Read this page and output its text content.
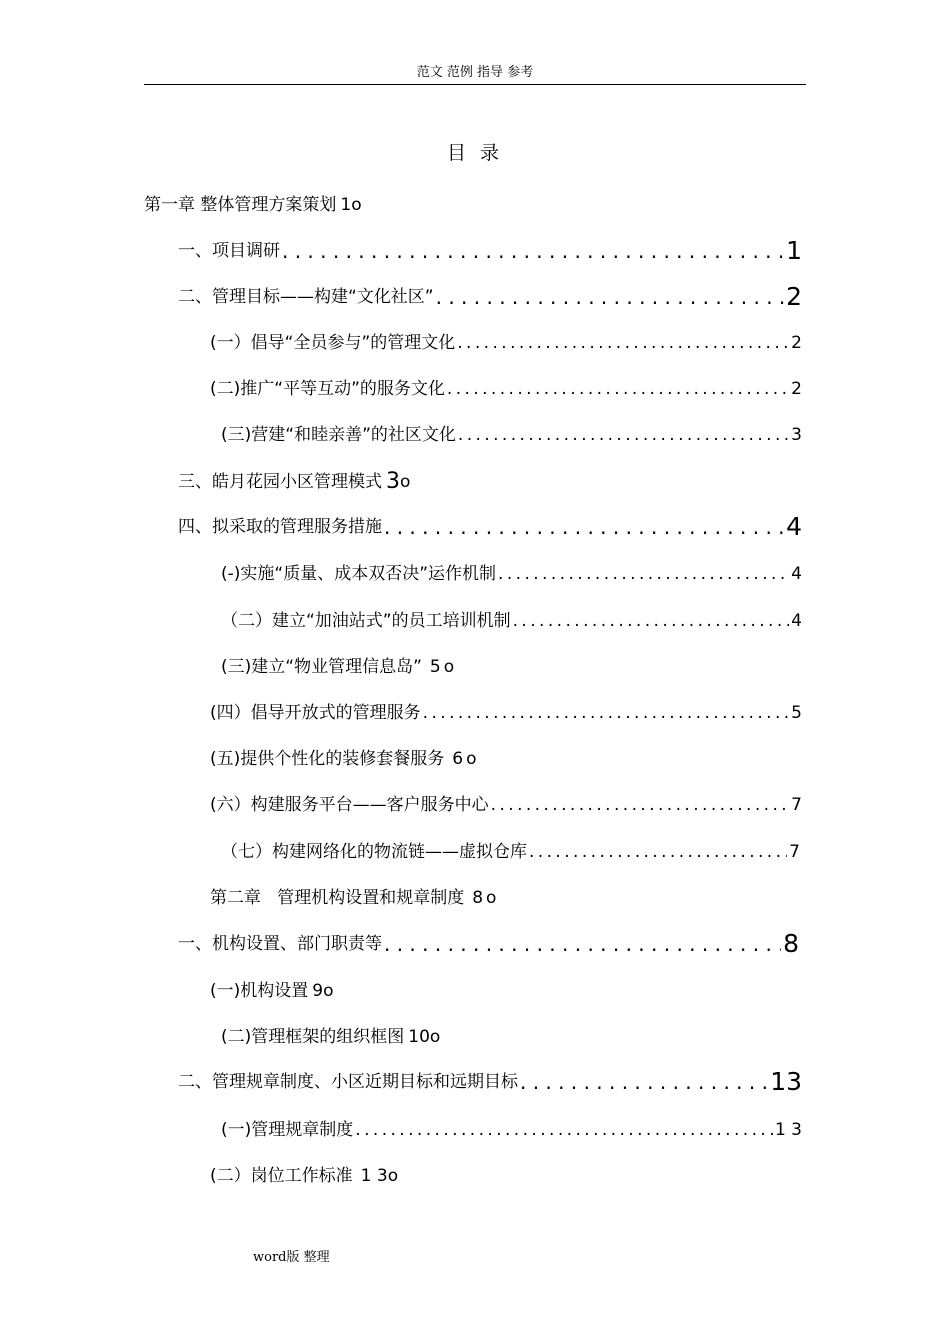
范文 范例 指导 参考
目 录
第一章 整体管理方案策划 1 o
一、项目调研 . . .	1
二、管理目标——构建“文化社区” . . .	2
(一）倡导“全员参与”的管理文化 . . .	2
(二)推广“平等互动”的服务文化 . . .	2
(三)营建“和睦亲善”的社区文化 . . .	3
三、皓月花园小区管理模式 3 o
四、拟采取的管理服务措施 . . .	4
(-)实施“质量、成本双否决”运作机制 . . .	4
（二）建立“加油站式”的员工培训机制 . . .	4
(三)建立“物业管理信息岛” 5 o
(四）倡导开放式的管理服务 . . .	5
(五)提供个性化的装修套餐服务 6 o
(六）构建服务平台——客户服务中心 . . .	7
（七）构建网络化的物流链——虚拟仓库 . . .	7
第二章   管理机构设置和规章制度 8 o
一、机构设置、部门职责等 . . .	8
(一)机构设置 9 o
(二)管理框架的组织框图 10 o
二、管理规章制度、小区近期目标和远期目标 . . .	13
(一)管理规章制度 . . .	1 3
(二）岗位工作标准 1 3 o
word版 整理
